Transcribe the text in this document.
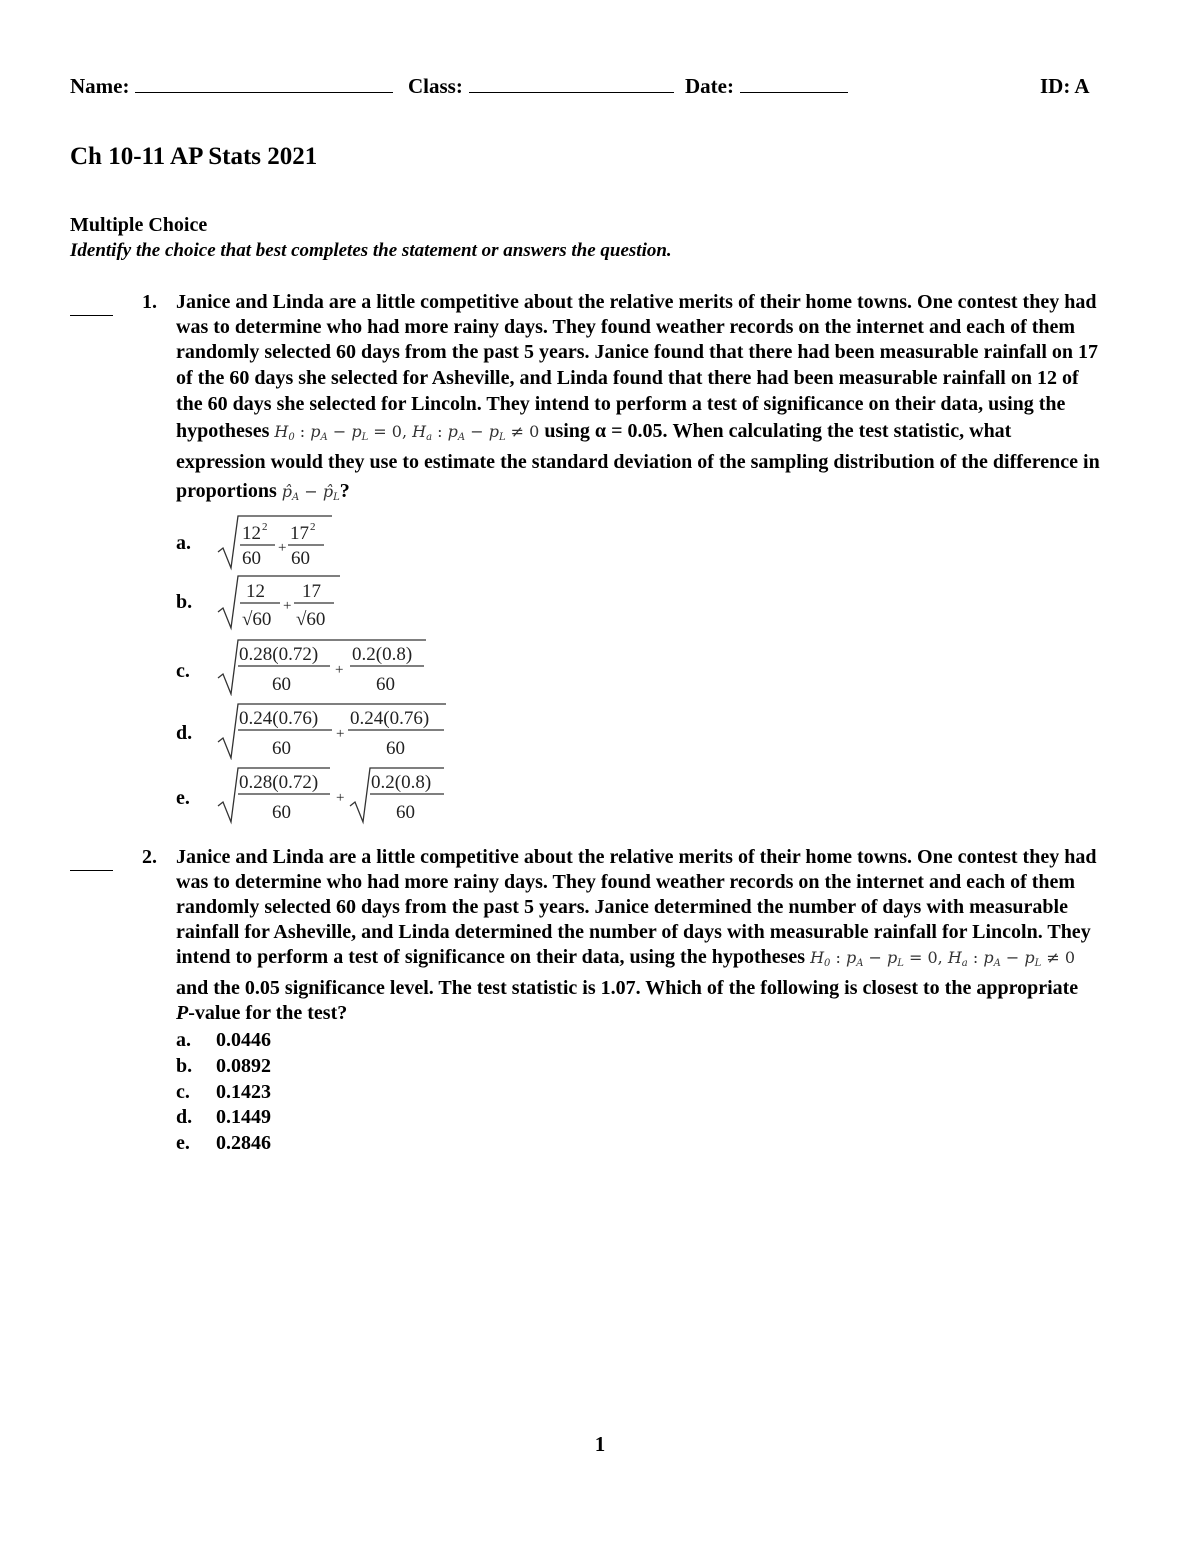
Name:	Class:	Date:	ID: A
Ch 10-11 AP Stats 2021
Multiple Choice
Identify the choice that best completes the statement or answers the question.
1. Janice and Linda are a little competitive about the relative merits of their home towns. One contest they had
was to determine who had more rainy days. They found weather records on the internet and each of them
randomly selected 60 days from the past 5 years. Janice found that there had been measurable rainfall on 17
of the 60 days she selected for Asheville, and Linda found that there had been measurable rainfall on 12 of
the 60 days she selected for Lincoln. They intend to perform a test of significance on their data, using the
hypotheses H0 : pA − pL = 0, Ha : pA − pL ≠ 0 using α = 0.05. When calculating the test statistic, what
expression would they use to estimate the standard deviation of the sampling distribution of the difference in
proportions p̂A − p̂L?
a.	12 2
60 +
17 2
60
b.	12
√60
+
17
√60
c.
0.28(0.72)
60
+
0.2(0.8)
60
d.
0.24(0.76)
60
+
0.24(0.76)
60
e.
0.28(0.72)
60
+
0.2(0.8)
60
2. Janice and Linda are a little competitive about the relative merits of their home towns. One contest they had
was to determine who had more rainy days. They found weather records on the internet and each of them
randomly selected 60 days from the past 5 years. Janice determined the number of days with measurable
rainfall for Asheville, and Linda determined the number of days with measurable rainfall for Lincoln. They
intend to perform a test of significance on their data, using the hypotheses H0 : pA − pL = 0, Ha : pA − pL ≠ 0
and the 0.05 significance level. The test statistic is 1.07. Which of the following is closest to the appropriate
P-value for the test?
a. 0.0446
b. 0.0892
c. 0.1423
d. 0.1449
e. 0.2846
1
